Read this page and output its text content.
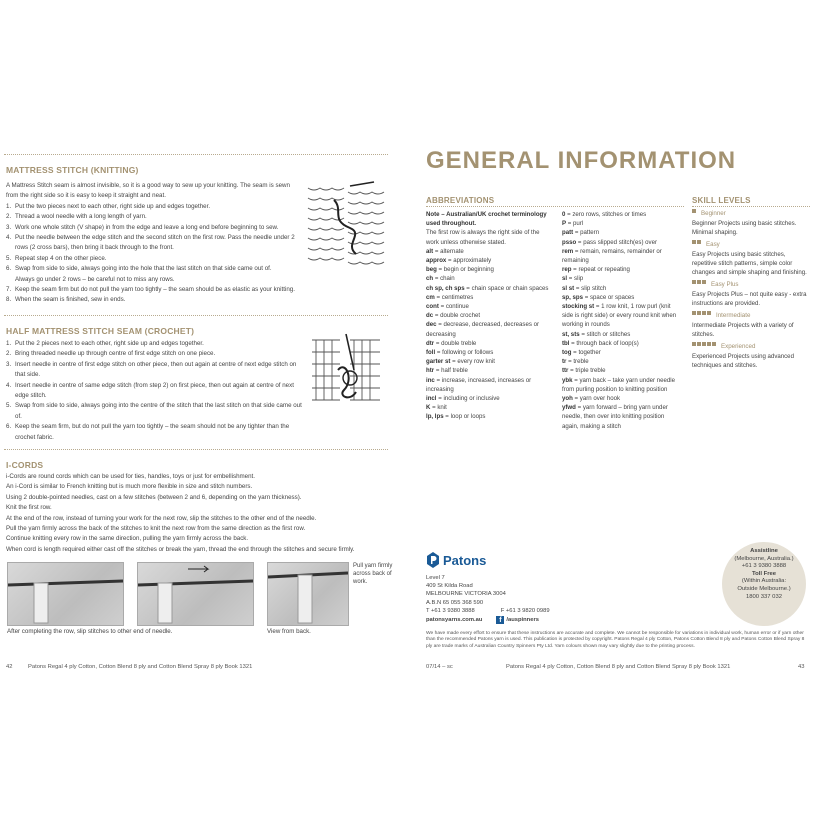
MATTRESS STITCH (KNITTING)

A Mattress Stitch seam is almost invisible, so it is a good way to sew up your knitting. The seam is sewn from the right side so it is easy to keep it straight and neat.

1. Put the two pieces next to each other, right side up and edges together.
2. Thread a wool needle with a long length of yarn.
3. Work one whole stitch (V shape) in from the edge and leave a long end before beginning to sew.
4. Put the needle between the edge stitch and the second stitch on the first row. Pass the needle under 2 rows (2 cross bars), then bring it back through to the front.
5. Repeat step 4 on the other piece.
6. Swap from side to side, always going into the hole that the last stitch on that side came out of.
Always go under 2 rows – be careful not to miss any rows.
7. Keep the seam firm but do not pull the yarn too tightly – the seam should be as elastic as your knitting.
8. When the seam is finished, sew in ends.
HALF MATTRESS STITCH SEAM (CROCHET)
1. Put the 2 pieces next to each other, right side up and edges together.
2. Bring threaded needle up through centre of first edge stitch on one piece.
3. Insert needle in centre of first edge stitch on other piece, then out again at centre of next edge stitch on that side.
4. Insert needle in centre of same edge stitch (from step 2) on first piece, then out again at centre of next edge stitch.
5. Swap from side to side, always going into the centre of the stitch that the last stitch on that side came out of.
6. Keep the seam firm, but do not pull the yarn too tightly – the seam should not be any tighter than the crochet fabric.
I-CORDS

i-Cords are round cords which can be used for ties, handles, toys or just for embellishment.

An i-Cord is similar to French knitting but is much more flexible in size and stitch numbers.

Using 2 double-pointed needles, cast on a few stitches (between 2 and 6, depending on the yarn thickness).

Knit the first row.

At the end of the row, instead of turning your work for the next row, slip the stitches to the other end of the needle.

Pull the yarn firmly across the back of the stitches to knit the next row from the same direction as the first row.

Continue knitting every row in the same direction, pulling the yarn firmly across the back.

When cord is length required either cast off the stitches or break the yarn, thread the end through the stitches and secure firmly.

Pull yarn firmly across back of work.
After completing the row, slip stitches to other end of needle.	View from back.
42	Patons Regal 4 ply Cotton, Cotton Blend 8 ply and Cotton Blend Spray 8 ply Book 1321
GENERAL INFORMATION
ABBREVIATIONS

Note – Australian/UK crochet terminology used throughout.

The first row is always the right side of the work unless otherwise stated.

alt = alternate

approx = approximately

beg = begin or beginning

ch = chain

ch sp, ch sps = chain space or chain spaces

cm = centimetres

cont = continue

dc = double crochet

dec = decrease, decreased, decreases or decreasing

dtr = double treble

foll = following or follows

garter st = every row knit

htr = half treble

inc = increase, increased, increases or increasing

incl = including or inclusive

K = knit

lp, lps = loop or loops

0 = zero rows, stitches or times

P = purl

patt = pattern

psso = pass slipped stitch(es) over

rem = remain, remains, remainder or remaining

rep = repeat or repeating

sl = slip

sl st = slip stitch

sp, sps = space or spaces

stocking st = 1 row knit, 1 row purl (knit side is right side) or every round knit when working in rounds

st, sts = stitch or stitches

tbl = through back of loop(s)

tog = together

tr = treble

ttr = triple treble

ybk = yarn back – take yarn under needle from purling position to knitting position

yoh = yarn over hook

yfwd = yarn forward – bring yarn under needle, then over into knitting position again, making a stitch

SKILL LEVELS
Beginner

Beginner Projects using basic stitches. Minimal shaping.

Easy

Easy Projects using basic stitches, repetitive stitch patterns, simple color changes and simple shaping and finishing.

Easy Plus

Easy Projects Plus – not quite easy - extra instructions are provided.

Intermediate

Intermediate Projects with a variety of stitches.

Experienced

Experienced Projects using advanced techniques and stitches.

Patons
Level 7
409 St Kilda Road
MELBOURNE VICTORIA 3004
A.B.N 65 055 368 590
T +61 3 9380 3888	F +61 3 9820 0989
patonsyarns.com.au	f /auspinners
Assistline
(Melbourne, Australia.)
+61 3 9380 3888
Toll Free
(Within Australia:
Outside Melbourne.)
1800 337 032
We have made every effort to ensure that these instructions are accurate and complete. We cannot be responsible for variations in individual work, human error or if yarn other than the recommended Patons yarn is used. This publication is protected by copyright. Patons Regal 4 ply Cotton, Patons Cotton Blend 8 ply and Patons Cotton Blend Spray 8 ply are trade marks of Australian Country Spinners Pty Ltd. Yarn colours shown may vary slightly due to the printing process.
07/14 – sc	Patons Regal 4 ply Cotton, Cotton Blend 8 ply and Cotton Blend Spray 8 ply Book 1321	43
